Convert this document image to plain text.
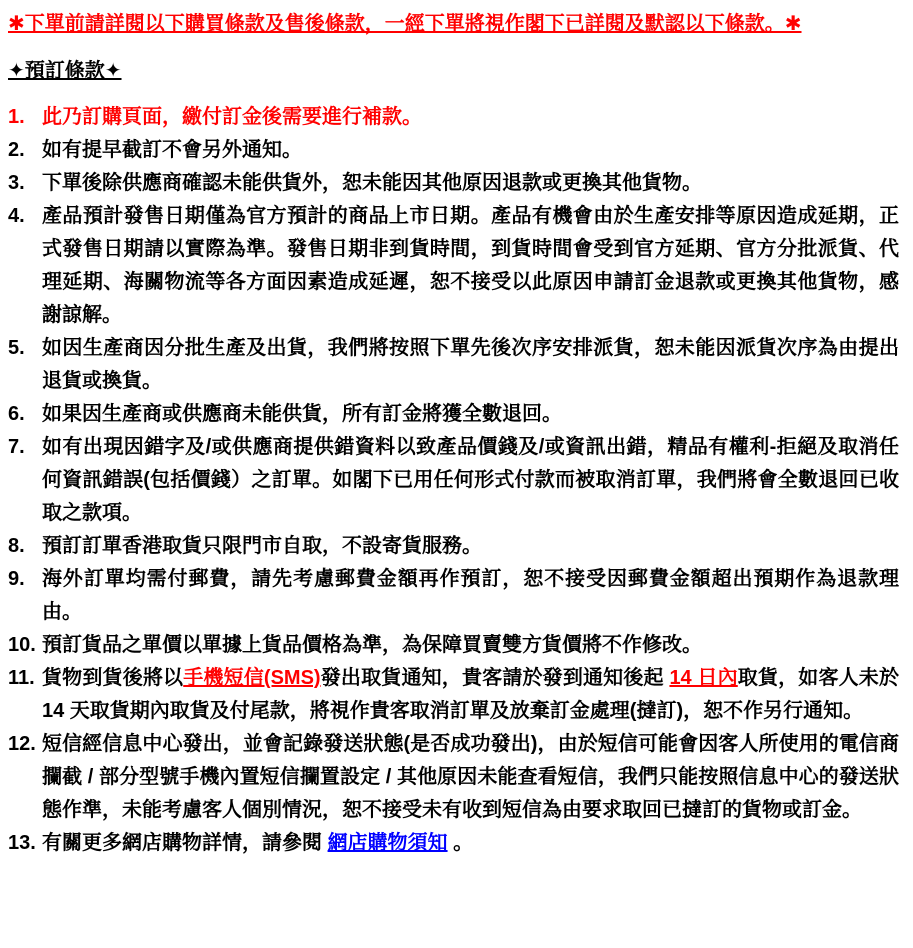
✱下單前請詳閱以下購買條款及售後條款，一經下單將視作閣下已詳閱及默認以下條款。✱

✦預訂條款✦
1. 此乃訂購頁面，繳付訂金後需要進行補款。
2. 如有提早截訂不會另外通知。
3. 下單後除供應商確認未能供貨外，恕未能因其他原因退款或更換其他貨物。
4. 產品預計發售日期僅為官方預計的商品上市日期。產品有機會由於生產安排等原因造成延期，正式發售日期請以實際為準。發售日期非到貨時間，到貨時間會受到官方延期、官方分批派貨、代理延期、海關物流等各方面因素造成延遲，恕不接受以此原因申請訂金退款或更換其他貨物，感謝諒解。
5. 如因生產商因分批生產及出貨，我們將按照下單先後次序安排派貨，恕未能因派貨次序為由提出退貨或換貨。
6. 如果因生產商或供應商未能供貨，所有訂金將獲全數退回。
7. 如有出現因錯字及/或供應商提供錯資料以致產品價錢及/或資訊出錯，精品有權利-拒絕及取消任何資訊錯誤(包括價錢）之訂單。如閣下已用任何形式付款而被取消訂單，我們將會全數退回已收取之款項。
8. 預訂訂單香港取貨只限門市自取，不設寄貨服務。
9. 海外訂單均需付郵費，請先考慮郵費金額再作預訂，恕不接受因郵費金額超出預期作為退款理由。
10. 預訂貨品之單價以單據上貨品價格為準，為保障買賣雙方貨價將不作修改。
11. 貨物到貨後將以手機短信(SMS)發出取貨通知，貴客請於發到通知後起 14 日內取貨，如客人未於 14 天取貨期內取貨及付尾款，將視作貴客取消訂單及放棄訂金處理(撻訂)，恕不作另行通知。
12. 短信經信息中心發出，並會記錄發送狀態(是否成功發出)，由於短信可能會因客人所使用的電信商攔截 / 部分型號手機內置短信攔置設定 / 其他原因未能查看短信，我們只能按照信息中心的發送狀態作準，未能考慮客人個別情況，恕不接受未有收到短信為由要求取回已撻訂的貨物或訂金。
13. 有關更多網店購物詳情，請參閱 網店購物須知 。
